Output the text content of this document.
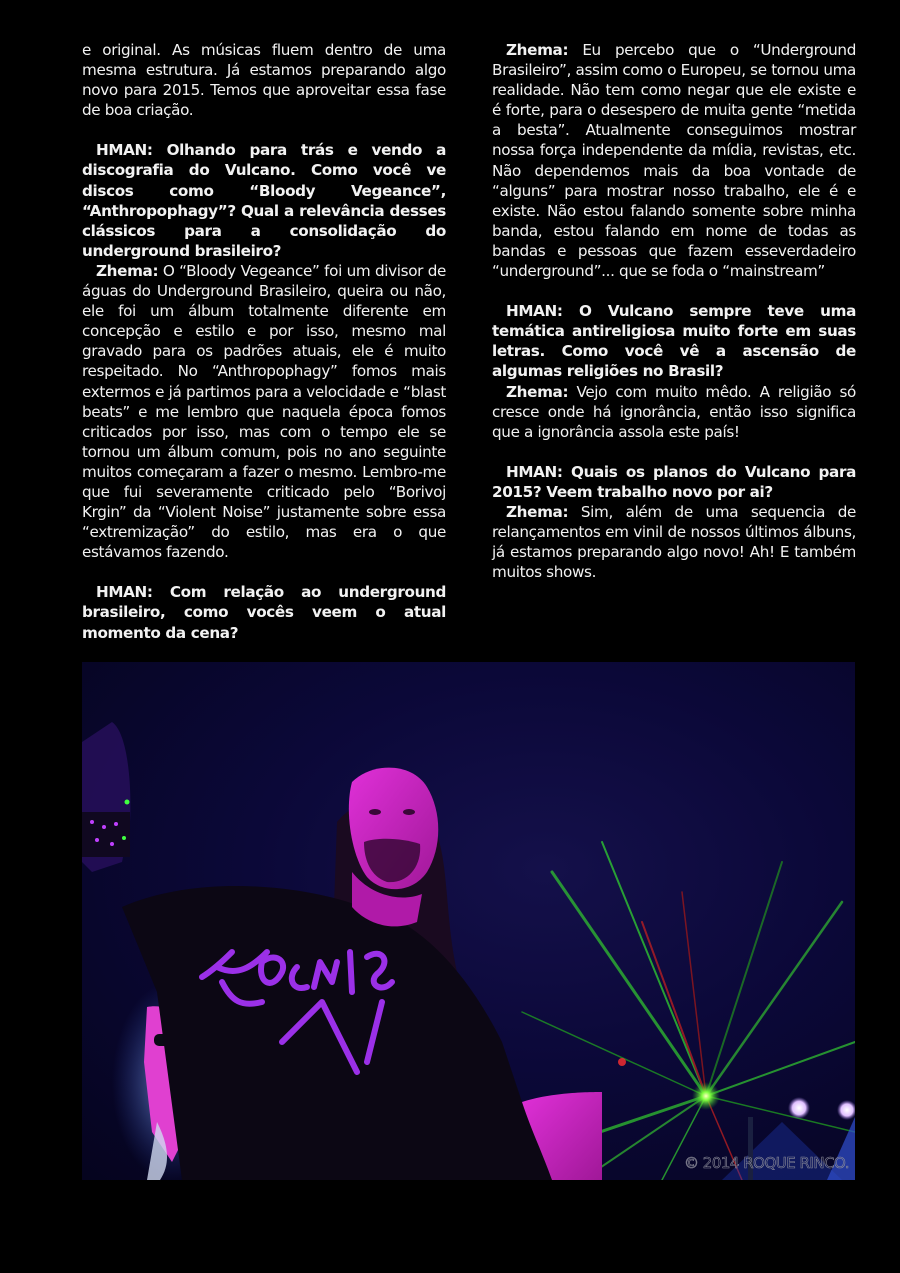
e original. As músicas fluem dentro de uma mesma estrutura. Já estamos preparando algo novo para 2015. Temos que aproveitar essa fase de boa criação.

HMAN: Olhando para trás e vendo a discografia do Vulcano. Como você ve discos como “Bloody Vegeance”, “Anthropophagy”? Qual a relevância desses clássicos para a consolidação do underground brasileiro?

Zhema: O “Bloody Vegeance” foi um divisor de águas do Underground Brasileiro, queira ou não, ele foi um álbum totalmente diferente em concepção e estilo e por isso, mesmo mal gravado para os padrões atuais, ele é muito respeitado. No “Anthropophagy” fomos mais extermos e já partimos para a velocidade e “blast beats” e me lembro que naquela época fomos criticados por isso, mas com o tempo ele se tornou um álbum comum, pois no ano seguinte muitos começaram a fazer o mesmo. Lembro-me que fui severamente criticado pelo “Borivoj Krgin” da “Violent Noise” justamente sobre essa “extremização” do estilo, mas era o que estávamos fazendo.

HMAN: Com relação ao underground brasileiro, como vocês veem o atual momento da cena?

Zhema: Eu percebo que o “Underground Brasileiro”, assim como o Europeu, se tornou uma realidade. Não tem como negar que ele existe e é forte, para o desespero de muita gente “metida a besta”. Atualmente conseguimos mostrar nossa força independente da mídia, revistas, etc. Não dependemos mais da boa vontade de “alguns” para mostrar nosso trabalho, ele é e existe. Não estou falando somente sobre minha banda, estou falando em nome de todas as bandas e pessoas que fazem esseverdadeiro “underground”... que se foda o “mainstream”

HMAN: O Vulcano sempre teve uma temática antireligiosa muito forte em suas letras. Como você vê a ascensão de algumas religiões no Brasil?

Zhema: Vejo com muito mêdo. A religião só cresce onde há ignorância, então isso significa que a ignorância assola este país!

HMAN: Quais os planos do Vulcano para 2015? Veem trabalho novo por ai?

Zhema: Sim, além de uma sequencia de relançamentos em vinil de nossos últimos álbuns, já estamos preparando algo novo! Ah! E também muitos shows.

© 2014 ROQUE RINCO.
